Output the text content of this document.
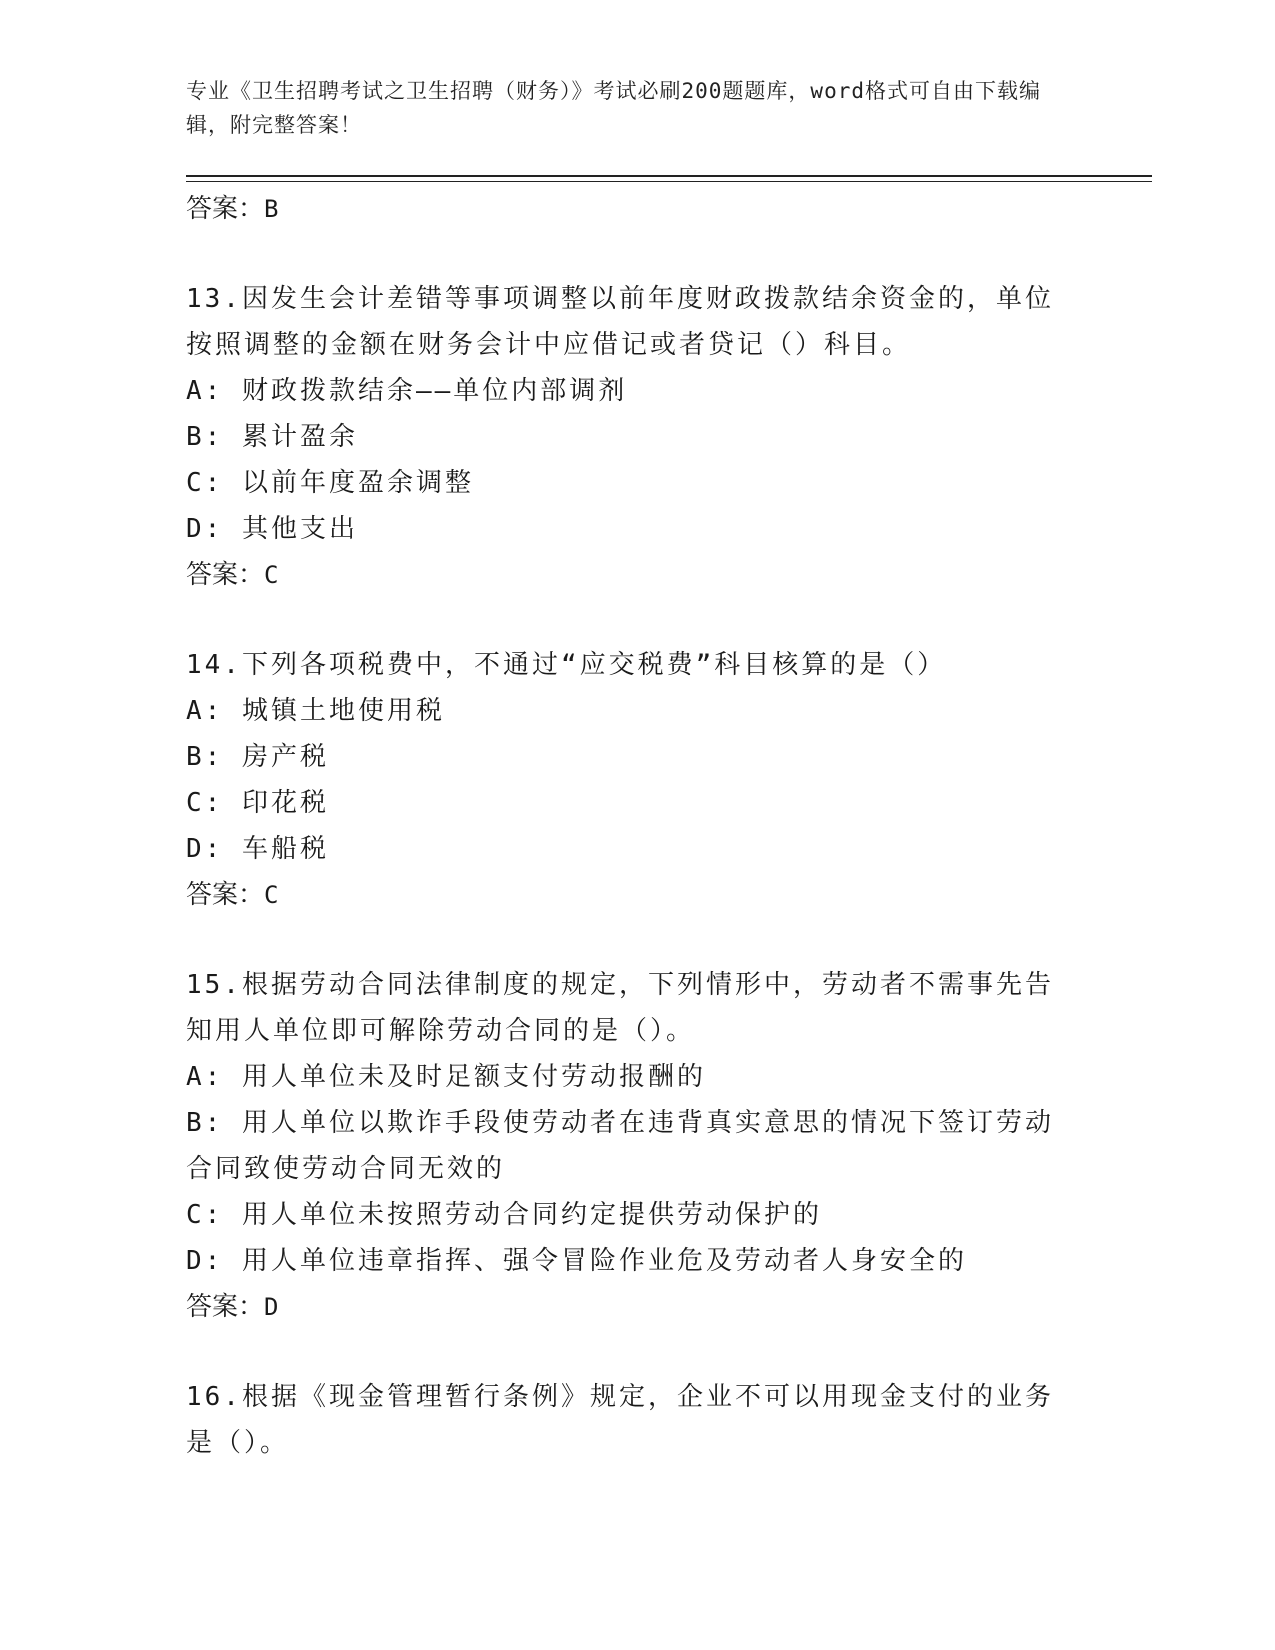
专业《卫生招聘考试之卫生招聘（财务）》考试必刷200题题库，word格式可自由下载编辑，附完整答案！
答案：B
13.因发生会计差错等事项调整以前年度财政拨款结余资金的，单位按照调整的金额在财务会计中应借记或者贷记（）科目。
A: 财政拨款结余——单位内部调剂
B: 累计盈余
C: 以前年度盈余调整
D: 其他支出
答案：C
14.下列各项税费中，不通过“应交税费”科目核算的是（）
A: 城镇土地使用税
B: 房产税
C: 印花税
D: 车船税
答案：C
15.根据劳动合同法律制度的规定，下列情形中，劳动者不需事先告知用人单位即可解除劳动合同的是（）。
A: 用人单位未及时足额支付劳动报酬的
B: 用人单位以欺诈手段使劳动者在违背真实意思的情况下签订劳动合同致使劳动合同无效的
C: 用人单位未按照劳动合同约定提供劳动保护的
D: 用人单位违章指挥、强令冒险作业危及劳动者人身安全的
答案：D
16.根据《现金管理暂行条例》规定，企业不可以用现金支付的业务是（）。
